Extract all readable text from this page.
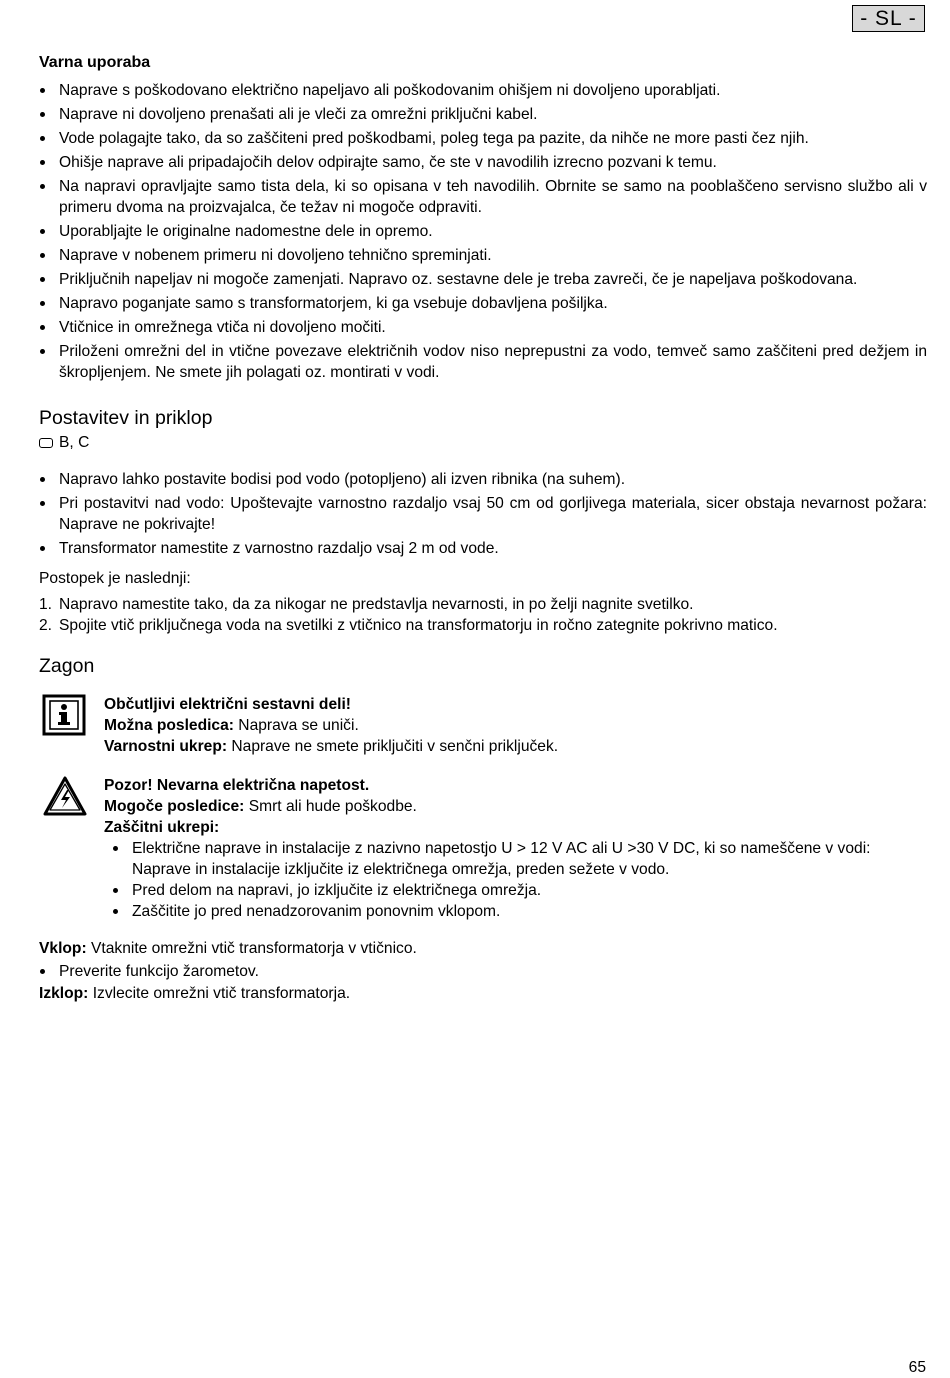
- SL -
Varna uporaba
Naprave s poškodovano električno napeljavo ali poškodovanim ohišjem ni dovoljeno uporabljati.
Naprave ni dovoljeno prenašati ali je vleči za omrežni priključni kabel.
Vode polagajte tako, da so zaščiteni pred poškodbami, poleg tega pa pazite, da nihče ne more pasti čez njih.
Ohišje naprave ali pripadajočih delov odpirajte samo, če ste v navodilih izrecno pozvani k temu.
Na napravi opravljajte samo tista dela, ki so opisana v teh navodilih. Obrnite se samo na pooblaščeno servisno službo ali v primeru dvoma na proizvajalca, če težav ni mogoče odpraviti.
Uporabljajte le originalne nadomestne dele in opremo.
Naprave v nobenem primeru ni dovoljeno tehnično spreminjati.
Priključnih napeljav ni mogoče zamenjati. Napravo oz. sestavne dele je treba zavreči, če je napeljava poškodovana.
Napravo poganjate samo s transformatorjem, ki ga vsebuje dobavljena pošiljka.
Vtičnice in omrežnega vtiča ni dovoljeno močiti.
Priloženi omrežni del in vtične povezave električnih vodov niso neprepustni za vodo, temveč samo zaščiteni pred dežjem in škropljenjem. Ne smete jih polagati oz. montirati v vodi.
Postavitev in priklop
B, C
Napravo lahko postavite bodisi pod vodo (potopljeno) ali izven ribnika (na suhem).
Pri postavitvi nad vodo: Upoštevajte varnostno razdaljo vsaj 50 cm od gorljivega materiala, sicer obstaja nevarnost požara: Naprave ne pokrivajte!
Transformator namestite z varnostno razdaljo vsaj 2 m od vode.

Postopek je naslednji:

1. Napravo namestite tako, da za nikogar ne predstavlja nevarnosti, in po želji nagnite svetilko.
2. Spojite vtič priključnega voda na svetilki z vtičnico na transformatorju in ročno zategnite pokrivno matico.
Zagon

Občutljivi električni sestavni deli!

Možna posledica: Naprava se uniči.

Varnostni ukrep: Naprave ne smete priključiti v senčni priključek.

Pozor! Nevarna električna napetost.

Mogoče posledice: Smrt ali hude poškodbe.

Zaščitni ukrepi:

Električne naprave in instalacije z nazivno napetostjo U > 12 V AC ali U >30 V DC, ki so nameščene v vodi: Naprave in instalacije izključite iz električnega omrežja, preden sežete v vodo.
Pred delom na napravi, jo izključite iz električnega omrežja.
Zaščitite jo pred nenadzorovanim ponovnim vklopom.

Vklop: Vtaknite omrežni vtič transformatorja v vtičnico.

Preverite funkcijo žarometov.

Izklop: Izvlecite omrežni vtič transformatorja.

65
